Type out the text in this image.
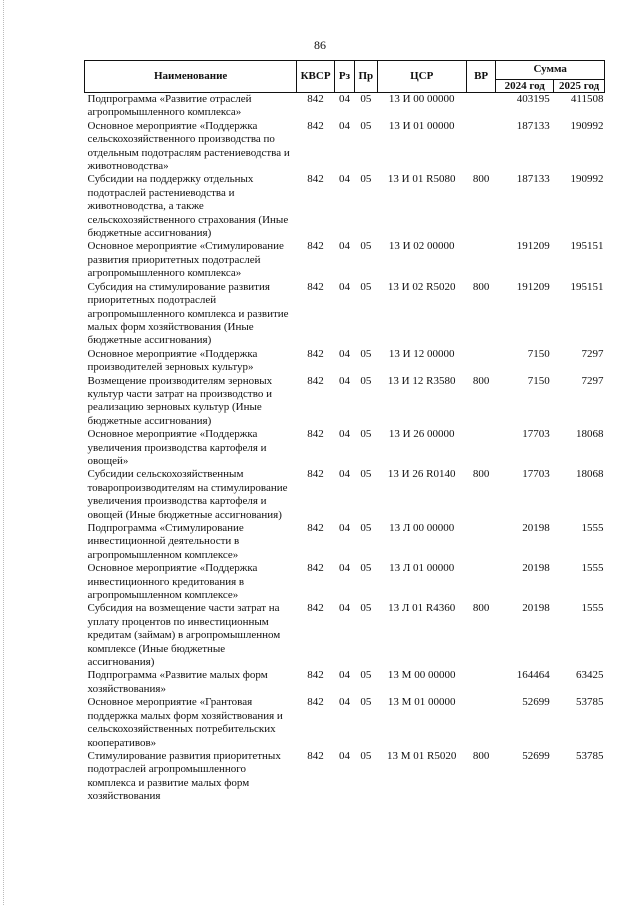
86
Наименование	КВСР	Рз	Пр	ЦСР	ВР	Сумма	
						2024 год	2025 год
Подпрограмма «Развитие отраслей агропромышленного комплекса»	842	04	05	13 И 00 00000		403195	411508
Основное мероприятие «Поддержка сельскохозяйственного производства по отдельным подотраслям растениеводства и животноводства»	842	04	05	13 И 01 00000		187133	190992
Субсидии на поддержку отдельных подотраслей растениеводства и животноводства, а также сельскохозяйственного страхования (Иные бюджетные ассигнования)	842	04	05	13 И 01 R5080	800	187133	190992
Основное мероприятие «Стимулирование развития приоритетных подотраслей агропромышленного комплекса»	842	04	05	13 И 02 00000		191209	195151
Субсидия на стимулирование развития приоритетных подотраслей агропромышленного комплекса и развитие малых форм хозяйствования (Иные бюджетные ассигнования)	842	04	05	13 И 02 R5020	800	191209	195151
Основное мероприятие «Поддержка производителей зерновых культур»	842	04	05	13 И 12 00000		7150	7297
Возмещение производителям зерновых культур части затрат на производство и реализацию зерновых культур (Иные бюджетные ассигнования)	842	04	05	13 И 12 R3580	800	7150	7297
Основное мероприятие «Поддержка увеличения производства картофеля и овощей»	842	04	05	13 И 26 00000		17703	18068
Субсидии сельскохозяйственным товаропроизводителям на стимулирование увеличения производства картофеля и овощей (Иные бюджетные ассигнования)	842	04	05	13 И 26 R0140	800	17703	18068
Подпрограмма «Стимулирование инвестиционной деятельности в агропромышленном комплексе»	842	04	05	13 Л 00 00000		20198	1555
Основное мероприятие «Поддержка инвестиционного кредитования в агропромышленном комплексе»	842	04	05	13 Л 01 00000		20198	1555
Субсидия на возмещение части затрат на уплату процентов по инвестиционным кредитам (займам) в агропромышленном комплексе (Иные бюджетные ассигнования)	842	04	05	13 Л 01 R4360	800	20198	1555
Подпрограмма «Развитие малых форм хозяйствования»	842	04	05	13 М 00 00000		164464	63425
Основное мероприятие «Грантовая поддержка малых форм хозяйствования и сельскохозяйственных потребительских кооперативов»	842	04	05	13 М 01 00000		52699	53785
Стимулирование развития приоритетных подотраслей агропромышленного комплекса и развитие малых форм хозяйствования	842	04	05	13 М 01 R5020	800	52699	53785
